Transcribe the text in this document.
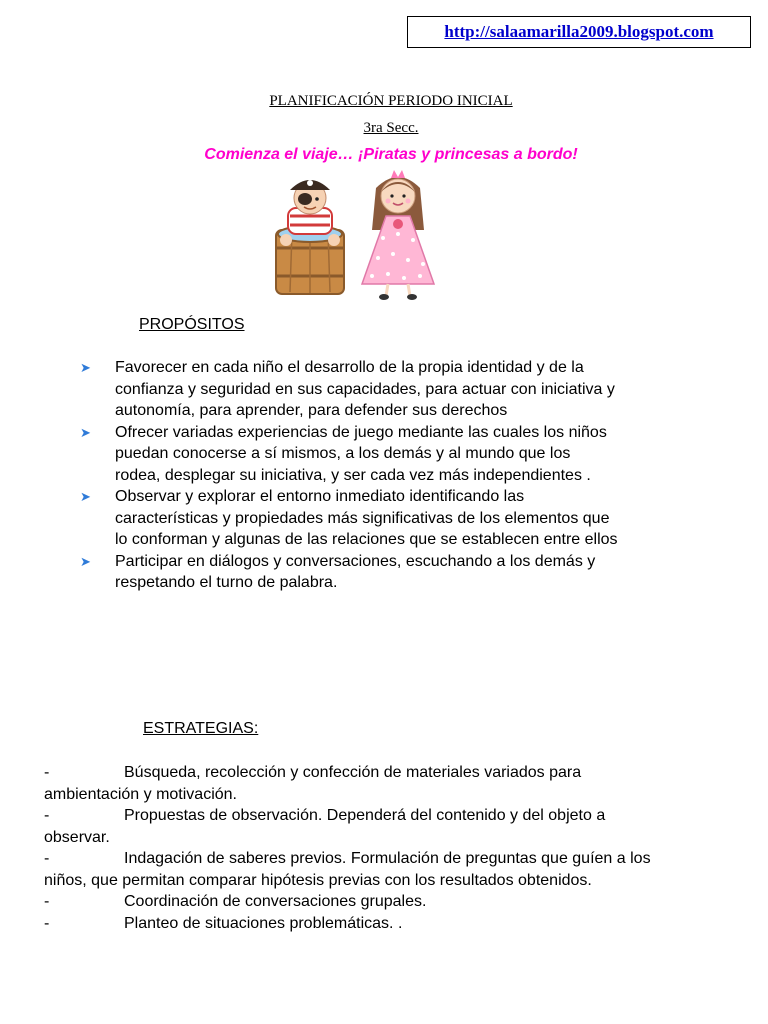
http://salaamarilla2009.blogspot.com
PLANIFICACIÓN PERIODO INICIAL
3ra Secc.
Comienza el viaje… ¡Piratas y princesas a bordo!
PROPÓSITOS
➤	Favorecer en cada niño el desarrollo de la propia identidad y de la confianza y seguridad en sus capacidades, para actuar con iniciativa y autonomía, para aprender, para defender sus derechos
➤	Ofrecer variadas experiencias de juego mediante las cuales los niños puedan conocerse a sí mismos, a los demás y al mundo que los rodea, desplegar su iniciativa, y ser cada vez más independientes .
➤	Observar y explorar el entorno inmediato identificando las características y propiedades más significativas de los elementos que lo conforman y algunas de las relaciones que se establecen entre ellos
➤	Participar en diálogos y conversaciones, escuchando a los demás y respetando el turno de palabra.
ESTRATEGIAS:
-	Búsqueda, recolección y confección de materiales variados para ambientación y motivación.
-	Propuestas de observación. Dependerá del contenido y del objeto a observar.
-	Indagación de saberes previos. Formulación de preguntas que guíen a los niños, que permitan comparar hipótesis previas con los resultados obtenidos.
-	Coordinación de conversaciones grupales.
-	Planteo de situaciones problemáticas. .
